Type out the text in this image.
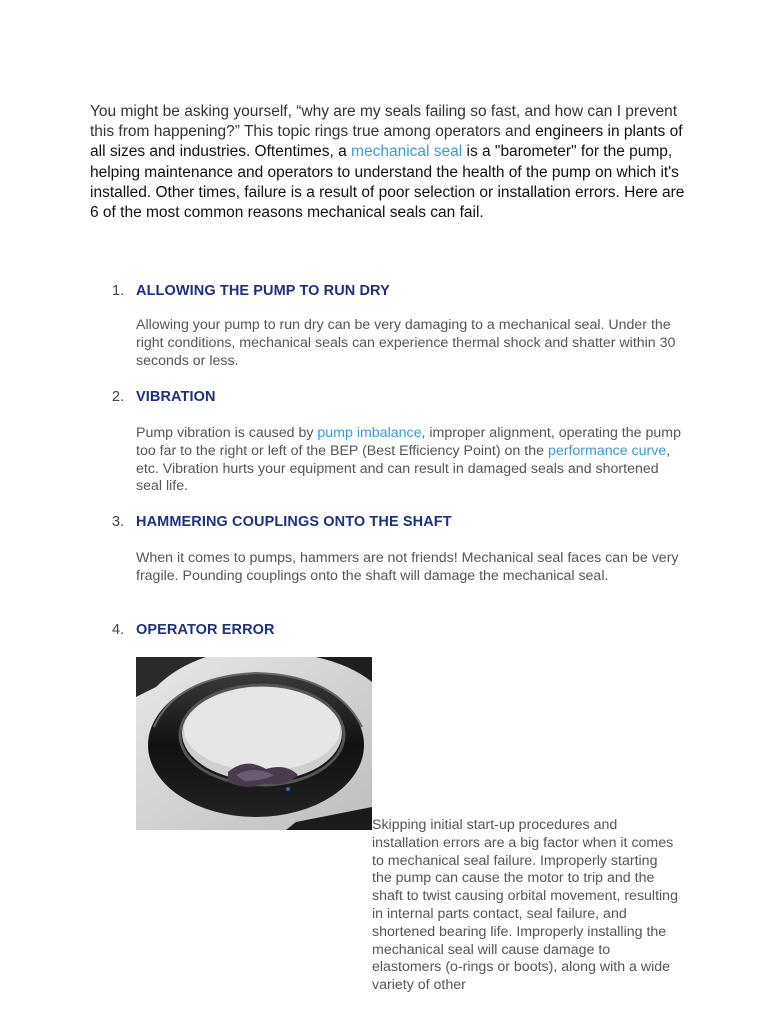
You might be asking yourself, “why are my seals failing so fast, and how can I prevent this from happening?” This topic rings true among operators and engineers in plants of all sizes and industries. Oftentimes, a mechanical seal is a "barometer" for the pump, helping maintenance and operators to understand the health of the pump on which it's installed. Other times, failure is a result of poor selection or installation errors. Here are 6 of the most common reasons mechanical seals can fail.
1. ALLOWING THE PUMP TO RUN DRY
Allowing your pump to run dry can be very damaging to a mechanical seal. Under the right conditions, mechanical seals can experience thermal shock and shatter within 30 seconds or less.
2. VIBRATION
Pump vibration is caused by pump imbalance, improper alignment, operating the pump too far to the right or left of the BEP (Best Efficiency Point) on the performance curve, etc. Vibration hurts your equipment and can result in damaged seals and shortened seal life.
3. HAMMERING COUPLINGS ONTO THE SHAFT
When it comes to pumps, hammers are not friends! Mechanical seal faces can be very fragile. Pounding couplings onto the shaft will damage the mechanical seal.
4. OPERATOR ERROR
Skipping initial start-up procedures and installation errors are a big factor when it comes to mechanical seal failure. Improperly starting the pump can cause the motor to trip and the shaft to twist causing orbital movement, resulting in internal parts contact, seal failure, and shortened bearing life. Improperly installing the mechanical seal will cause damage to elastomers (o-rings or boots), along with a wide variety of other
